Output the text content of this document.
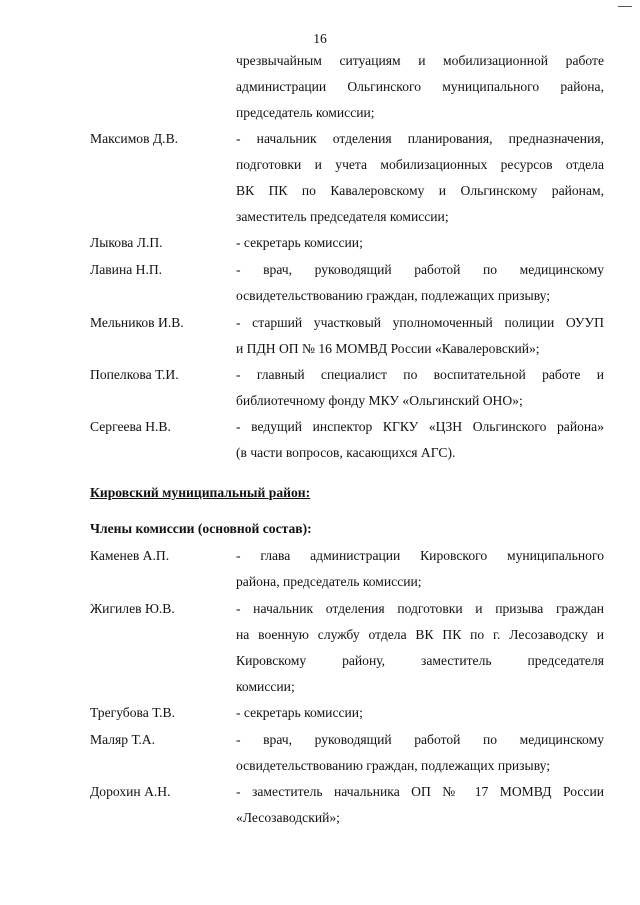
16
чрезвычайным ситуациям и мобилизационной работе
администрации Ольгинского муниципального района,
председатель комиссии;
Максимов Д.В.	- начальник отделения планирования, предназначения,
подготовки и учета мобилизационных ресурсов отдела
ВК ПК по Кавалеровскому и Ольгинскому районам,
заместитель председателя комиссии;
Лыкова Л.П.	- секретарь комиссии;
Лавина Н.П.	- врач, руководящий работой по медицинскому
освидетельствованию граждан, подлежащих призыву;
Мельников И.В.	- старший участковый уполномоченный полиции ОУУП
и ПДН ОП № 16 МОМВД России «Кавалеровский»;
Попелкова Т.И.	- главный специалист по воспитательной работе и
библиотечному фонду МКУ «Ольгинский ОНО»;
Сергеева Н.В.	- ведущий инспектор КГКУ «ЦЗН Ольгинского района»
(в части вопросов, касающихся АГС).
Кировский муниципальный район:
Члены комиссии (основной состав):
Каменев А.П.	- глава администрации Кировского муниципального
района, председатель комиссии;
Жигилев Ю.В.	- начальник отделения подготовки и призыва граждан
на военную службу отдела ВК ПК по г. Лесозаводску и
Кировскому району, заместитель председателя
комиссии;
Трегубова Т.В.	- секретарь комиссии;
Маляр Т.А.	- врач, руководящий работой по медицинскому
освидетельствованию граждан, подлежащих призыву;
Дорохин А.Н.	- заместитель начальника ОП № 17 МОМВД России
«Лесозаводский»;
